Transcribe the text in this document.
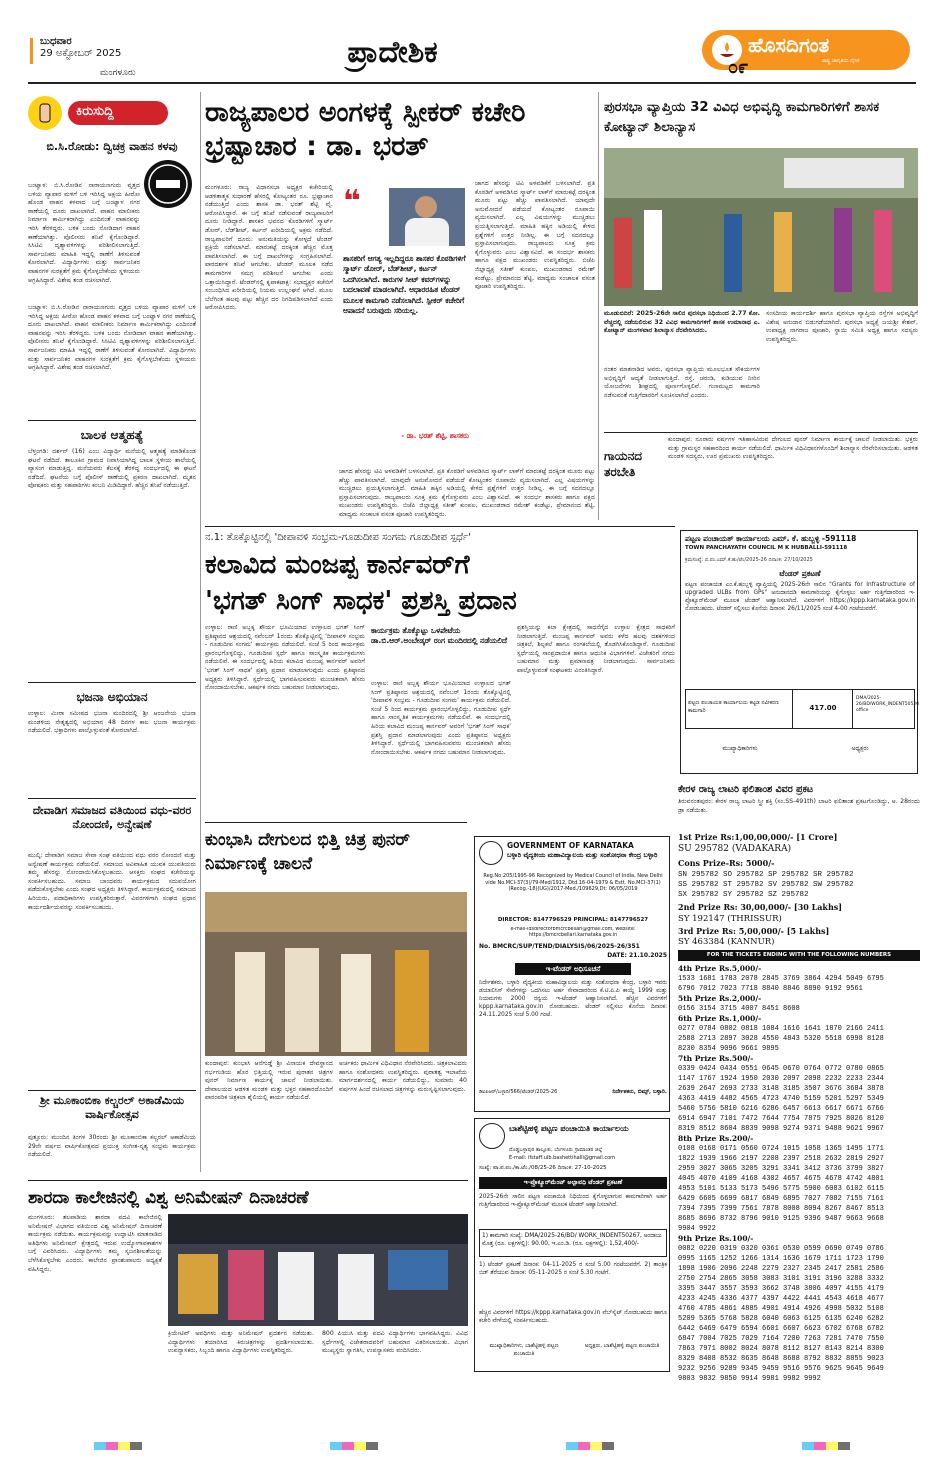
ಬುಧವಾರ
29 ಅಕ್ಟೋಬರ್ 2025
ಮಂಗಳೂರು
ಪ್ರಾದೇಶಿಕ	ಹೊಸದಿಗಂತ
ರಾಷ್ಟ್ರ ಜಾಗೃತಿಯ ದೈನಿಕ
೦೯
ಕಿರುಸುದ್ದಿ
ಬಿ.ಸಿ.ರೋಡು: ದ್ವಿಚಕ್ರ ವಾಹನ ಕಳವು
ಬಂಟ್ವಾಳ: ಬಿ.ಸಿ.ರೋಡಿನ ನಾರಾಯಣಗುರು ವೃತ್ತದ ಬಳಿಯ ವ್ಯಾಪಾರ ಮಳಿಗೆ ಬಳಿ ಇರಿಸಿದ್ದ ಅಕ್ಷಯ ಹೀರೋ ಹೊಂಡ ವಾಹನ ಕಳವಾದ ಬಗ್ಗೆ ಬಂಟ್ವಾಳ ನಗರ ಠಾಣೆಯಲ್ಲಿ ದೂರು ದಾಖಲಾಗಿದೆ. ವಾಹನ ಮಾಲೀಕರು ನಿರ್ಮಾಣ ಕಾರ್ಮಿಕರಾಗಿದ್ದು ಎಂದಿನಂತೆ ವಾಹನವನ್ನು ಇರಿಸಿ ತೆರಳಿದ್ದರು. ಬಳಿಕ ಬಂದು ನೋಡಿದಾಗ ವಾಹನ ಕಾಣೆಯಾಗಿತ್ತು. ಪೊಲೀಸರು ತನಿಖೆ ಕೈಗೊಂಡಿದ್ದಾರೆ. ಸಿಸಿಟಿವಿ ದೃಶ್ಯಾವಳಿಗಳನ್ನು ಪರಿಶೀಲಿಸಲಾಗುತ್ತಿದೆ. ಸಾರ್ವಜನಿಕರು ಮಾಹಿತಿ ಇದ್ದಲ್ಲಿ ಠಾಣೆಗೆ ತಿಳಿಸುವಂತೆ ಕೋರಲಾಗಿದೆ. ವಿದ್ಯಾರ್ಥಿಗಳು ಮತ್ತು ಸಾರ್ವಜನಿಕರ ವಾಹನಗಳ ಸುರಕ್ಷತೆಗೆ ಕ್ರಮ ಕೈಗೊಳ್ಳಬೇಕೆಂದು ಸ್ಥಳೀಯರು ಆಗ್ರಹಿಸಿದ್ದಾರೆ. ವಿಶೇಷ ತಂಡ ರಚಿಸಲಾಗಿದೆ.
ಬಂಟ್ವಾಳ: ಬಿ.ಸಿ.ರೋಡಿನ ನಾರಾಯಣಗುರು ವೃತ್ತದ ಬಳಿಯ ವ್ಯಾಪಾರ ಮಳಿಗೆ ಬಳಿ ಇರಿಸಿದ್ದ ಅಕ್ಷಯ ಹೀರೋ ಹೊಂಡ ವಾಹನ ಕಳವಾದ ಬಗ್ಗೆ ಬಂಟ್ವಾಳ ನಗರ ಠಾಣೆಯಲ್ಲಿ ದೂರು ದಾಖಲಾಗಿದೆ. ವಾಹನ ಮಾಲೀಕರು ನಿರ್ಮಾಣ ಕಾರ್ಮಿಕರಾಗಿದ್ದು ಎಂದಿನಂತೆ ವಾಹನವನ್ನು ಇರಿಸಿ ತೆರಳಿದ್ದರು. ಬಳಿಕ ಬಂದು ನೋಡಿದಾಗ ವಾಹನ ಕಾಣೆಯಾಗಿತ್ತು. ಪೊಲೀಸರು ತನಿಖೆ ಕೈಗೊಂಡಿದ್ದಾರೆ. ಸಿಸಿಟಿವಿ ದೃಶ್ಯಾವಳಿಗಳನ್ನು ಪರಿಶೀಲಿಸಲಾಗುತ್ತಿದೆ. ಸಾರ್ವಜನಿಕರು ಮಾಹಿತಿ ಇದ್ದಲ್ಲಿ ಠಾಣೆಗೆ ತಿಳಿಸುವಂತೆ ಕೋರಲಾಗಿದೆ. ವಿದ್ಯಾರ್ಥಿಗಳು ಮತ್ತು ಸಾರ್ವಜನಿಕರ ವಾಹನಗಳ ಸುರಕ್ಷತೆಗೆ ಕ್ರಮ ಕೈಗೊಳ್ಳಬೇಕೆಂದು ಸ್ಥಳೀಯರು ಆಗ್ರಹಿಸಿದ್ದಾರೆ. ವಿಶೇಷ ತಂಡ ರಚಿಸಲಾಗಿದೆ.
ಬಾಲಕ ಆತ್ಮಹತ್ಯೆ
ಬೆಳ್ತಂಗಡಿ: ದರ್ಶನ್ (16) ಎಂಬ ವಿದ್ಯಾರ್ಥಿ ಮನೆಯಲ್ಲಿ ಆತ್ಮಹತ್ಯೆ ಮಾಡಿಕೊಂಡ ಘಟನೆ ನಡೆದಿದೆ. ತಾಲೂಕಿನ ಗ್ರಾಮದ ನಿವಾಸಿಯಾಗಿದ್ದ ಬಾಲಕ ಸ್ಥಳೀಯ ಶಾಲೆಯಲ್ಲಿ ವ್ಯಾಸಂಗ ಮಾಡುತ್ತಿದ್ದ. ಮನೆಯವರು ಕೆಲಸಕ್ಕೆ ತೆರಳಿದ್ದ ಸಂದರ್ಭದಲ್ಲಿ ಈ ಘಟನೆ ನಡೆದಿದೆ. ಘಟನೆಯ ಬಗ್ಗೆ ಪೊಲೀಸ್ ಠಾಣೆಯಲ್ಲಿ ಪ್ರಕರಣ ದಾಖಲಾಗಿದೆ. ಮೃತನ ಪೋಷಕರು ಮತ್ತು ಸಹಪಾಠಿಗಳು ಕಂಬನಿ ಮಿಡಿದಿದ್ದಾರೆ. ಹೆಚ್ಚಿನ ತನಿಖೆ ನಡೆಯುತ್ತಿದೆ.
ಭಜನಾ ಅಭಿಯಾನ
ಉಳ್ಳಾಲ: ಮೀರಾ ಸಮೀಪದ ಭಜನಾ ಮಂದಿರದಲ್ಲಿ ಶ್ರೀ ಆಂಜನೇಯ ಭಜನಾ ಮಂಡಳಿಯ ನೇತೃತ್ವದಲ್ಲಿ ಅಭಿಯಾನ 48 ದಿನಗಳ ಕಾಲ ಭಜನಾ ಕಾರ್ಯಕ್ರಮ ನಡೆಯಲಿದೆ. ಭಕ್ತಾದಿಗಳು ಪಾಲ್ಗೊಳ್ಳುವಂತೆ ಕೋರಲಾಗಿದೆ.
ದೇವಾಡಿಗ ಸಮಾಜದ ವತಿಯಿಂದ ವಧು-ವರರ ನೋಂದಣಿ, ಅನ್ವೇಷಣೆ
ಮುಲ್ಕಿ: ದೇವಾಡಿಗ ಸಮಾಜ ಸೇವಾ ಸಂಘ ವತಿಯಿಂದ ವಧು ವರರ ನೋಂದಣಿ ಮತ್ತು ಅನ್ವೇಷಣೆ ಕಾರ್ಯಕ್ರಮ ನಡೆಯಲಿದೆ. ಸಮಾಜದ ಅವಿವಾಹಿತ ಯುವಕ ಯುವತಿಯರು ತಮ್ಮ ಹೆಸರನ್ನು ನೋಂದಾಯಿಸಿಕೊಳ್ಳಬಹುದು. ಆಸಕ್ತರು ಸಂಘದ ಕಚೇರಿಯನ್ನು ಸಂಪರ್ಕಿಸಬಹುದು. ಸಮಾಜ ಬಾಂಧವರು ಕಾರ್ಯಕ್ರಮದ ಸದುಪಯೋಗ ಪಡೆದುಕೊಳ್ಳಬೇಕು ಎಂದು ಸಂಘದ ಅಧ್ಯಕ್ಷರು ತಿಳಿಸಿದ್ದಾರೆ. ಕಾರ್ಯಕ್ರಮದಲ್ಲಿ ಸಮಾಜದ ಹಿರಿಯರು, ಪದಾಧಿಕಾರಿಗಳು ಉಪಸ್ಥಿತರಿರುತ್ತಾರೆ. ವಿವರಗಳಿಗಾಗಿ ಸಂಘದ ಪ್ರಧಾನ ಕಾರ್ಯದರ್ಶಿಯವರನ್ನು ಸಂಪರ್ಕಿಸಬಹುದು.
ಶ್ರೀ ಮೂಕಾಂಬಿಕಾ ಕಲ್ಚರಲ್ ಅಕಾಡೆಮಿಯ ವಾರ್ಷಿಕೋತ್ಸವ
ಪುತ್ತೂರು: ಮುಂದಿನ ತಿಂಗಳ 30ರಂದು ಶ್ರೀ ಮೂಕಾಂಬಿಕಾ ಕಲ್ಚರಲ್ ಅಕಾಡೆಮಿಯ 29ನೇ ವರ್ಷದ ವಾರ್ಷಿಕೋತ್ಸವದ ಪ್ರಯುಕ್ತ ಸಂಗೀತ-ನೃತ್ಯ ಸಂಭ್ರಮ ಕಾರ್ಯಕ್ರಮ ನಡೆಯಲಿದೆ.
ರಾಜ್ಯಪಾಲರ ಅಂಗಳಕ್ಕೆ ಸ್ಪೀಕರ್ ಕಚೇರಿ ಭ್ರಷ್ಟಾಚಾರ : ಡಾ. ಭರತ್
ಮಂಗಳೂರು: ರಾಜ್ಯ ವಿಧಾನಸಭಾ ಅಧ್ಯಕ್ಷರ ಕಚೇರಿಯಲ್ಲಿ ಆಡಳಿತಾತ್ಮಕ ಸುಧಾರಣೆ ಹೆಸರಲ್ಲಿ ಕೋಟ್ಯಂತರ ರೂ. ಭ್ರಷ್ಟಾಚಾರ ನಡೆಯುತ್ತಿದೆ ಎಂದು ಶಾಸಕ ಡಾ. ಭರತ್ ಶೆಟ್ಟಿ ವೈ. ಆರೋಪಿಸಿದ್ದಾರೆ. ಈ ಬಗ್ಗೆ ತನಿಖೆ ನಡೆಸುವಂತೆ ರಾಜ್ಯಪಾಲರಿಗೆ ದೂರು ನೀಡಿದ್ದಾರೆ. ಶಾಸಕರ ಭವನದ ಕೊಠಡಿಗಳಿಗೆ ಸ್ಮಾರ್ಟ್ ಡೋರ್, ಬೆಡ್‌ಶೀಟ್, ಕರ್ಟನ್ ಖರೀದಿಯಲ್ಲಿ ಅಕ್ರಮ ನಡೆದಿದೆ. ರಾಜ್ಯಪಾಲರಿಗೆ ದೂರು: ಅನುಮತಿಯನ್ನು ಕೋಳ್ಳದೆ ಟೆಂಡರ್ ಪ್ರಕ್ರಿಯೆ ನಡೆಸಲಾಗಿದೆ. ಮಾರುಕಟ್ಟೆ ದರಕ್ಕಿಂತ ಹೆಚ್ಚಿನ ಮೊತ್ತ ಪಾವತಿಸಲಾಗಿದೆ. ಈ ಬಗ್ಗೆ ದಾಖಲೆಗಳನ್ನು ಸಂಗ್ರಹಿಸಲಾಗಿದೆ. ಪಾರದರ್ಶಕ ತನಿಖೆ ಆಗಬೇಕು. ಟೆಂಡರ್ ಮೂಲಕ ನಡೆದ ಕಾಮಗಾರಿಗಳ ಸಮಗ್ರ ಪರಿಶೀಲನೆ ಆಗಬೇಕು ಎಂದು ಒತ್ತಾಯಿಸಿದ್ದಾರೆ. ಟೆಂಡರ್‌ನಲ್ಲಿ ಕೃಪಾಕಟಾಕ್ಷ: ಸಭಾಧ್ಯಕ್ಷರ ಕಚೇರಿಗೆ ಸಂಬಂಧಿಸಿದ ಖರೀದಿಯಲ್ಲಿ ನಿಯಮ ಉಲ್ಲಂಘನೆ ಆಗಿದೆ. ಮೂಲ ಬೆಲೆಗಿಂತ ಹಲವು ಪಟ್ಟು ಹೆಚ್ಚಿನ ದರ ನಿಗದಿಪಡಿಸಲಾಗಿದೆ ಎಂದು ಆರೋಪಿಸಿದರು.
❝
ಶಾಸಕರಿಗೆ ಆಗತ್ಯ ಇಲ್ಲದಿದ್ದರೂ ಶಾಸಕರ ಕೊಠಡಿಗಳಿಗೆ ಸ್ಮಾರ್ಟ್ ಡೋರ್, ಬೆಡ್‌ಶೀಟ್, ಕರ್ಟನ್ ಒದಗಿಸಲಾಗಿದೆ. ಕಾರುಗಳ ಸೀಟ್ ಕವರ್‌ಗಳನ್ನು ಬದಲಾವಣೆ ಮಾಡಲಾಗಿದೆ. ಆಧಾರರಹಿತ ಟೆಂಡರ್ ಮೂಲಕ ಕಾಮಗಾರಿ ನಡೆಸಲಾಗಿದೆ. ಸ್ಪೀಕರ್ ಕಚೇರಿಗೆ ಆಪಾದನೆ ಬರುವುದು ಸರಿಯಲ್ಲ.
- ಡಾ. ಭರತ್ ಶೆಟ್ಟಿ, ಶಾಸಕರು
ಜಾಗದ ಹೆಸರನ್ನು ಟಿವಿ ಅಳವಡಿಕೆಗೆ ಬಳಸಲಾಗಿದೆ. ಪ್ರತಿ ಕೊಠಡಿಗೆ ಅಳವಡಿಸಿದ ಸ್ಮಾರ್ಟ್ ಲಾಕ್‌ಗೆ ಮಾರುಕಟ್ಟೆ ದರಕ್ಕಿಂತ ಮೂರು ಪಟ್ಟು ಹೆಚ್ಚು ಪಾವತಿಸಲಾಗಿದೆ. ಯಾವುದೇ ಅನುಮೋದನೆ ಪಡೆಯದೆ ಕೋಟ್ಯಂತರ ರೂಪಾಯಿ ವ್ಯಯಿಸಲಾಗಿದೆ. ಎಲ್ಲ ವಿಷಯಗಳನ್ನು ಮುಚ್ಚಿಡಲು ಪ್ರಯತ್ನಿಸಲಾಗುತ್ತಿದೆ. ಮಾಹಿತಿ ಹಕ್ಕಿನ ಅಡಿಯಲ್ಲಿ ಕೇಳಿದ ಪ್ರಶ್ನೆಗಳಿಗೆ ಉತ್ತರ ನೀಡಿಲ್ಲ. ಈ ಬಗ್ಗೆ ಸದನದಲ್ಲೂ ಪ್ರಸ್ತಾಪಿಸಲಾಗುವುದು. ರಾಜ್ಯಪಾಲರು ಸೂಕ್ತ ಕ್ರಮ ಕೈಗೊಳ್ಳುವರು ಎಂಬ ವಿಶ್ವಾಸವಿದೆ. ಈ ಸಂದರ್ಭ ಶಾಸಕರು ಹಾಗೂ ಪಕ್ಷದ ಮುಖಂಡರು ಉಪಸ್ಥಿತರಿದ್ದರು. ಬಿಜೆಪಿ ಜಿಲ್ಲಾಧ್ಯಕ್ಷ ಸತೀಶ್ ಕುಂಪಲ, ಮುಖಂಡರಾದ ರಮೇಶ್ ಕಂಡೆಟ್ಟು, ಪ್ರೇಮಾನಂದ ಶೆಟ್ಟಿ, ಮಾಧ್ಯಮ ಸಂಚಾಲಕ ವಸಂತ ಪೂಜಾರಿ ಉಪಸ್ಥಿತರಿದ್ದರು.
ಜಾಗದ ಹೆಸರನ್ನು ಟಿವಿ ಅಳವಡಿಕೆಗೆ ಬಳಸಲಾಗಿದೆ. ಪ್ರತಿ ಕೊಠಡಿಗೆ ಅಳವಡಿಸಿದ ಸ್ಮಾರ್ಟ್ ಲಾಕ್‌ಗೆ ಮಾರುಕಟ್ಟೆ ದರಕ್ಕಿಂತ ಮೂರು ಪಟ್ಟು ಹೆಚ್ಚು ಪಾವತಿಸಲಾಗಿದೆ. ಯಾವುದೇ ಅನುಮೋದನೆ ಪಡೆಯದೆ ಕೋಟ್ಯಂತರ ರೂಪಾಯಿ ವ್ಯಯಿಸಲಾಗಿದೆ. ಎಲ್ಲ ವಿಷಯಗಳನ್ನು ಮುಚ್ಚಿಡಲು ಪ್ರಯತ್ನಿಸಲಾಗುತ್ತಿದೆ. ಮಾಹಿತಿ ಹಕ್ಕಿನ ಅಡಿಯಲ್ಲಿ ಕೇಳಿದ ಪ್ರಶ್ನೆಗಳಿಗೆ ಉತ್ತರ ನೀಡಿಲ್ಲ. ಈ ಬಗ್ಗೆ ಸದನದಲ್ಲೂ ಪ್ರಸ್ತಾಪಿಸಲಾಗುವುದು. ರಾಜ್ಯಪಾಲರು ಸೂಕ್ತ ಕ್ರಮ ಕೈಗೊಳ್ಳುವರು ಎಂಬ ವಿಶ್ವಾಸವಿದೆ. ಈ ಸಂದರ್ಭ ಶಾಸಕರು ಹಾಗೂ ಪಕ್ಷದ ಮುಖಂಡರು ಉಪಸ್ಥಿತರಿದ್ದರು. ಬಿಜೆಪಿ ಜಿಲ್ಲಾಧ್ಯಕ್ಷ ಸತೀಶ್ ಕುಂಪಲ, ಮುಖಂಡರಾದ ರಮೇಶ್ ಕಂಡೆಟ್ಟು, ಪ್ರೇಮಾನಂದ ಶೆಟ್ಟಿ, ಮಾಧ್ಯಮ ಸಂಚಾಲಕ ವಸಂತ ಪೂಜಾರಿ ಉಪಸ್ಥಿತರಿದ್ದರು.
ಪುರಸಭಾ ವ್ಯಾಪ್ತಿಯ 32 ವಿವಿಧ ಅಭಿವೃದ್ಧಿ ಕಾಮಗಾರಿಗಳಿಗೆ ಶಾಸಕ ಕೋಟ್ಯಾನ್ ಶಿಲಾನ್ಯಾಸ
ಮೂಡುಬಿದಿರೆ: 2025-26ನೇ ಸಾಲಿನ ಪುರಸಭಾ ನಿಧಿಯಿಂದ 2.77 ಕೋ. ವೆಚ್ಚದಲ್ಲಿ ನಡೆಯಲಿರುವ 32 ವಿವಿಧ ಕಾಮಗಾರಿಗಳಿಗೆ ಶಾಸಕ ಉಮಾನಾಥ ಎ. ಕೋಟ್ಯಾನ್ ಮಂಗಳವಾರ ಶಿಲಾನ್ಯಾಸ ನೆರವೇರಿಸಿದರು.
ನಂತರ ಮಾತನಾಡಿದ ಅವರು, ಪುರಸಭಾ ವ್ಯಾಪ್ತಿಯ ಮೂಲಭೂತ ಸೌಕರ್ಯಗಳ ಅಭಿವೃದ್ಧಿಗೆ ಆದ್ಯತೆ ನೀಡಲಾಗುತ್ತಿದೆ. ರಸ್ತೆ, ಚರಂಡಿ, ಕುಡಿಯುವ ನೀರಿನ ಯೋಜನೆಗಳು ಶೀಘ್ರದಲ್ಲಿ ಪೂರ್ಣಗೊಳ್ಳಲಿವೆ. ಗುಣಮಟ್ಟದ ಕಾಮಗಾರಿ ನಡೆಸುವಂತೆ ಗುತ್ತಿಗೆದಾರರಿಗೆ ಸೂಚಿಸಲಾಗಿದೆ ಎಂದರು.
ಸಂಸದೀಯ ಕಾರ್ಯದರ್ಶಿ ಹಾಗೂ ಪುರಸಭಾ ವ್ಯಾಪ್ತಿಯ ರಸ್ತೆಗಳ ಅಭಿವೃದ್ಧಿಗೆ ವಿಶೇಷ ಅನುದಾನ ಬಿಡುಗಡೆಯಾಗಿದೆ. ಪುರಸಭಾ ಅಧ್ಯಕ್ಷೆ ಜಯಶ್ರೀ ಕೇಶವ್, ಉಪಾಧ್ಯಕ್ಷ ನಾಗರಾಜ ಪೂಜಾರಿ, ಸ್ಥಾಯಿ ಸಮಿತಿ ಅಧ್ಯಕ್ಷ ಹಾಗೂ ಸದಸ್ಯರು ಉಪಸ್ಥಿತರಿದ್ದರು.
ಗಾಯನದ ತರಬೇತಿ
ಕುಂದಾಪುರ: ನೂರಾರು ವರ್ಷಗಳ ಇತಿಹಾಸವಿರುವ ದೇಗುಲದ ಪುನರ್ ನಿರ್ಮಾಣ ಕಾರ್ಯಕ್ಕೆ ಚಾಲನೆ ನೀಡಲಾಯಿತು. ಭಕ್ತರು ಮತ್ತು ಗ್ರಾಮಸ್ಥರ ಸಹಕಾರದಿಂದ ಕಾರ್ಯ ನಡೆಯಲಿದೆ. ಧಾರ್ಮಿಕ ವಿಧಿವಿಧಾನಗಳೊಂದಿಗೆ ಶಿಲಾನ್ಯಾಸ ನೆರವೇರಿಸಲಾಯಿತು. ಆಡಳಿತ ಮಂಡಳಿ ಸದಸ್ಯರು, ಊರ ಪ್ರಮುಖರು ಉಪಸ್ಥಿತರಿದ್ದರು.
ನ.1: ತೊಕ್ಕೊಟ್ಟಿನಲ್ಲಿ 'ದೀಪಾವಳಿ ಸಂಭ್ರಮ-ಗೂಡುದೀಪ ಸಂಗಮ ಗೂಡುದೀಪ ಸ್ಪರ್ಧೆ'
ಕಲಾವಿದ ಮಂಜಪ್ಪ ಕಾರ್ನವರ್‌ಗೆ
'ಭಗತ್ ಸಿಂಗ್ ಸಾಧಕ' ಪ್ರಶಸ್ತಿ ಪ್ರದಾನ
ಉಳ್ಳಾಲ: ರಾಣಿ ಅಬ್ಬಕ್ಕ ಶೌರ್ಯ ಭೂಮಿಯಾದ ಉಳ್ಳಾಲದ ಭಗತ್ ಸಿಂಗ್ ಪ್ರತಿಷ್ಠಾನದ ಆಶ್ರಯದಲ್ಲಿ ನವೆಂಬರ್ 1ರಂದು ತೊಕ್ಕೊಟ್ಟಿನಲ್ಲಿ 'ದೀಪಾವಳಿ ಸಂಭ್ರಮ - ಗೂಡುದೀಪ ಸಂಗಮ' ಕಾರ್ಯಕ್ರಮ ನಡೆಯಲಿದೆ. ಸಂಜೆ 5 ರಿಂದ ಕಾರ್ಯಕ್ರಮ ಪ್ರಾರಂಭಗೊಳ್ಳಲಿದ್ದು, ಗೂಡುದೀಪ ಸ್ಪರ್ಧೆ ಹಾಗೂ ಸಾಂಸ್ಕೃತಿಕ ಕಾರ್ಯಕ್ರಮಗಳು ನಡೆಯಲಿವೆ. ಈ ಸಂದರ್ಭದಲ್ಲಿ ಹಿರಿಯ ಕಲಾವಿದ ಮಂಜಪ್ಪ ಕಾರ್ನವರ್ ಅವರಿಗೆ 'ಭಗತ್ ಸಿಂಗ್ ಸಾಧಕ' ಪ್ರಶಸ್ತಿ ಪ್ರದಾನ ಮಾಡಲಾಗುವುದು ಎಂದು ಪ್ರತಿಷ್ಠಾನದ ಅಧ್ಯಕ್ಷರು ತಿಳಿಸಿದ್ದಾರೆ. ಸ್ಪರ್ಧೆಯಲ್ಲಿ ಭಾಗವಹಿಸುವವರು ಮುಂಚಿತವಾಗಿ ಹೆಸರು ನೋಂದಾಯಿಸಬೇಕು. ಆಕರ್ಷಕ ನಗದು ಬಹುಮಾನ ನೀಡಲಾಗುವುದು.
ಕಾರ್ಯಕ್ರಮ ತೊಕ್ಕೊಟ್ಟು ಒಳಪೇಟೆಯ ಡಾ.ಬಿ.ಆರ್.ಅಂಬೇಡ್ಕರ್ ರಂಗ ಮಂದಿರದಲ್ಲಿ ನಡೆಯಲಿದೆ
ಉಳ್ಳಾಲ: ರಾಣಿ ಅಬ್ಬಕ್ಕ ಶೌರ್ಯ ಭೂಮಿಯಾದ ಉಳ್ಳಾಲದ ಭಗತ್ ಸಿಂಗ್ ಪ್ರತಿಷ್ಠಾನದ ಆಶ್ರಯದಲ್ಲಿ ನವೆಂಬರ್ 1ರಂದು ತೊಕ್ಕೊಟ್ಟಿನಲ್ಲಿ 'ದೀಪಾವಳಿ ಸಂಭ್ರಮ - ಗೂಡುದೀಪ ಸಂಗಮ' ಕಾರ್ಯಕ್ರಮ ನಡೆಯಲಿದೆ. ಸಂಜೆ 5 ರಿಂದ ಕಾರ್ಯಕ್ರಮ ಪ್ರಾರಂಭಗೊಳ್ಳಲಿದ್ದು, ಗೂಡುದೀಪ ಸ್ಪರ್ಧೆ ಹಾಗೂ ಸಾಂಸ್ಕೃತಿಕ ಕಾರ್ಯಕ್ರಮಗಳು ನಡೆಯಲಿವೆ. ಈ ಸಂದರ್ಭದಲ್ಲಿ ಹಿರಿಯ ಕಲಾವಿದ ಮಂಜಪ್ಪ ಕಾರ್ನವರ್ ಅವರಿಗೆ 'ಭಗತ್ ಸಿಂಗ್ ಸಾಧಕ' ಪ್ರಶಸ್ತಿ ಪ್ರದಾನ ಮಾಡಲಾಗುವುದು ಎಂದು ಪ್ರತಿಷ್ಠಾನದ ಅಧ್ಯಕ್ಷರು ತಿಳಿಸಿದ್ದಾರೆ. ಸ್ಪರ್ಧೆಯಲ್ಲಿ ಭಾಗವಹಿಸುವವರು ಮುಂಚಿತವಾಗಿ ಹೆಸರು ನೋಂದಾಯಿಸಬೇಕು. ಆಕರ್ಷಕ ನಗದು ಬಹುಮಾನ ನೀಡಲಾಗುವುದು.
ಪ್ರಶಸ್ತಿಯನ್ನು ಕಲಾ ಕ್ಷೇತ್ರದಲ್ಲಿ ಸಾಧನೆಗೈದ ಉಳ್ಳಾಲ ಕ್ಷೇತ್ರದ ಸಾಧಕರಿಗೆ ನೀಡಲಾಗುತ್ತಿದೆ. ಮಂಜಪ್ಪ ಕಾರ್ನವರ್ ಅವರು ಕಳೆದ ಹಲವು ದಶಕಗಳಿಂದ ಚಿತ್ರಕಲೆ, ಶಿಲ್ಪಕಲೆ ಹಾಗೂ ರಂಗಕಲೆಯಲ್ಲಿ ತೊಡಗಿಸಿಕೊಂಡಿದ್ದಾರೆ. ಗೂಡುದೀಪ ಸ್ಪರ್ಧೆಯಲ್ಲಿ ಸಾಂಪ್ರದಾಯಿಕ ಹಾಗೂ ಆಧುನಿಕ ವಿಭಾಗಗಳಿವೆ. ವಿಜೇತರಿಗೆ ನಗದು ಬಹುಮಾನ ಮತ್ತು ಪ್ರಮಾಣಪತ್ರ ನೀಡಲಾಗುವುದು. ಸಾರ್ವಜನಿಕರು ಪಾಲ್ಗೊಳ್ಳುವಂತೆ ಸಂಘಟಕರು ವಿನಂತಿಸಿದ್ದಾರೆ.
ಪಟ್ಟಣ ಪಂಚಾಯತ್ ಕಾರ್ಯಾಲಯ ಎಮ್. ಕೆ. ಹುಬ್ಬಳ್ಳಿ -591118
TOWN PANCHAYATH COUNCIL M K HUBBALLI-591118
ಕ್ರಮಸಂಖ್ಯೆ: ಪ.ಪಂ.ಎಮ್.ಕೆ.ಹು/ಟೆಂ/2025-26 ದಿನಾಂಕ: 27/10/2025
ಟೆಂಡರ್ ಪ್ರಕಟಣೆ
ಪಟ್ಟಣ ಪಂಚಾಯತ ಎಂ.ಕೆ.ಹುಬ್ಬಳ್ಳಿ ವ್ಯಾಪ್ತಿಯಲ್ಲಿ 2025-26ನೇ ಸಾಲಿನ "Grants for Infrastructure of upgraded ULBs from GPs" ಅನುದಾನದಡಿ ಕಾಮಗಾರಿಯನ್ನು ಕೈಗೊಳ್ಳಲು ಅರ್ಹ ಗುತ್ತಿಗೆದಾರರಿಂದ ಇ-ಪ್ರೊಕ್ಯೂರ್‌ಮೆಂಟ್ ಮೂಲಕ ಟೆಂಡರ್ ಆಹ್ವಾನಿಸಲಾಗಿದೆ. ವಿವರಗಳಿಗೆ https://kppp.karnataka.gov.in ನೋಡಬಹುದು. ಟೆಂಡರ್ ಸಲ್ಲಿಸಲು ಕೊನೆಯ ದಿನಾಂಕ: 26/11/2025 ಸಂಜೆ 4-00 ಗಂಟೆಯವರೆಗೆ.
ಪಟ್ಟಣ ಪಂಚಾಯತ ಕಾರ್ಯಾಲಯ ಕಟ್ಟಡ ನವೀಕರಣ ಕಾಮಗಾರಿ	417.00
DMA/2025-26/BD/WORK_INDENT50520 office
ಮುಖ್ಯಾಧಿಕಾರಿಗಳು	ಅಧ್ಯಕ್ಷರು
ಕುಂಭಾಸಿ ದೇಗುಲದ ಭಿತ್ತಿ ಚಿತ್ರ ಪುನರ್ ನಿರ್ಮಾಣಕ್ಕೆ ಚಾಲನೆ
ಕುಂದಾಪುರ: ಕುಂಭಾಸಿ ಆನೆಗುಡ್ಡೆ ಶ್ರೀ ವಿನಾಯಕ ದೇವಸ್ಥಾನದ ಗರ್ಭಗುಡಿಯ ಹೊರ ಭಿತ್ತಿಯಲ್ಲಿ ಇರುವ ಪುರಾತನ ಚಿತ್ರಗಳ ಪುನರ್ ನಿರ್ಮಾಣ ಕಾರ್ಯಕ್ಕೆ ಚಾಲನೆ ನೀಡಲಾಯಿತು. ದೇವಾಲಯದ ಆಡಳಿತ ಮಂಡಳಿ ಮತ್ತು ಭಕ್ತರ ಸಹಕಾರದೊಂದಿಗೆ ಪಾರಂಪರಿಕ ಚಿತ್ರಕಲಾ ಶೈಲಿಯಲ್ಲಿ ಕಾರ್ಯ ನಡೆಯಲಿದೆ.
ಅರ್ಚಕರು ಧಾರ್ಮಿಕ ವಿಧಿವಿಧಾನ ನೆರವೇರಿಸಿದರು. ಚಿತ್ರಕಲಾವಿದರು ಹಾಗೂ ಸಂಶೋಧಕರು ಉಪಸ್ಥಿತರಿದ್ದರು. ಪುರಾತತ್ವ ಇಲಾಖೆಯ ಮಾರ್ಗದರ್ಶನದಲ್ಲಿ ಕಾರ್ಯ ನಡೆಯಲಿದ್ದು, ಸುಮಾರು 40 ವರ್ಷಗಳ ಹಿಂದೆ ರಚಿಸಲಾದ ಚಿತ್ರಗಳನ್ನು ಮರುಸೃಷ್ಟಿಸಲಾಗುವುದು.
GOVERNMENT OF KARNATAKA
ಬಳ್ಳಾರಿ ವೈದ್ಯಕೀಯ ಮಹಾವಿದ್ಯಾಲಯ ಮತ್ತು ಸಂಶೋಧನಾ ಕೇಂದ್ರ ಬಳ್ಳಾರಿ
Reg.No:205/1995-96 Recognized by Medical Council of India, New Delhi vide No.MCI-37(3)/79-Med/1912, Dtd.16-04-1979 & Estt. No.MCI-37(1)(Recog.-18)(UG)/2017-Med./109629,Dt: 06/05/2019
DIRECTOR: 8147796529 PRINCIPAL: 8147796527
e-mail-idsdirectorbmcrcbellari@gmail.com, website: https://bmcrcbellari.karnataka.gov.in
No. BMCRC/SUP/TEND/DIALYSIS/06/2025-26/351
DATE: 21.10.2025
ಇ-ಟೆಂಡರ್ ಅಧಿಸೂಚನೆ
ನಿರ್ದೇಶಕರು, ಬಳ್ಳಾರಿ ವೈದ್ಯಕೀಯ ಮಹಾವಿದ್ಯಾಲಯ ಮತ್ತು ಸಂಶೋಧನಾ ಕೇಂದ್ರ, ಬಳ್ಳಾರಿ ಇವರು ಡಯಾಲಿಸಿಸ್ ಸೇವೆಗಳನ್ನು ಒದಗಿಸಲು ಅರ್ಹ ಸೇವಾದಾರರಿಂದ ಕೆ.ಟಿ.ಪಿ.ಪಿ ಕಾಯ್ದೆ 1999 ಮತ್ತು ನಿಯಮಗಳು 2000 ರನ್ವಯ ಇ-ಟೆಂಡರ್ ಆಹ್ವಾನಿಸಲಾಗಿದೆ. ಹೆಚ್ಚಿನ ವಿವರಗಳಿಗೆ kppp.karnataka.gov.in ನೋಡಬಹುದು. ಟೆಂಡರ್ ಸಲ್ಲಿಸಲು ಕೊನೆಯ ದಿನಾಂಕ: 24.11.2025 ಸಂಜೆ 5.00 ಗಂಟೆ.
ಡಿಐಪಿಆರ್/ಬಳ್ಳಾರಿ/566/ಟೆಂಡರ್/2025-26	ನಿರ್ದೇಶಕರು, ಬಿಮ್ಸ್, ಬಳ್ಳಾರಿ.
ಬಾಶೆಟ್ಟಿಹಳ್ಳಿ ಪಟ್ಟಣ ಪಂಚಾಯಿತಿ ಕಾರ್ಯಾಲಯ
ದೊಡ್ಡಬಳ್ಳಾಪುರ ತಾಲ್ಲೂಕು, ಬೆಂಗಳೂರು ಗ್ರಾಮಾಂತರ ಜಿಲ್ಲೆ
E-mail: ifstaff.ulb.bashettihalli@gmail.com
ಸಂಖ್ಯೆ: ಪಾ.ಪ.ಪಂ./ಕಾ.ಟೆಂ./08/25-26 ದಿನಾಂಕ: 27-10-2025
ಇ-ಪ್ರೊಕ್ಯೂರ್‌ಮೆಂಟ್ ಅಲ್ಪಾವಧಿ ಟೆಂಡರ್ ಪ್ರಕಟಣೆ
2025-26ನೇ ಸಾಲಿನ ಪಟ್ಟಣ ಪಂಚಾಯಿತಿ ನಿಧಿಯಿಂದ ಕೈಗೊಳ್ಳಲಾಗುವ ಕಾಮಗಾರಿಗಾಗಿ ಅರ್ಹ ಗುತ್ತಿಗೆದಾರರಿಂದ ಇ-ಪ್ರೊಕ್ಯೂರ್‌ಮೆಂಟ್ ಮೂಲಕ ಟೆಂಡರ್ ಆಹ್ವಾನಿಸಲಾಗಿದೆ.
1) ಕಾಮಗಾರಿ ಸಂಖ್ಯೆ: DMA/2025-26/BD/ WORK_INDENT50267, ಅಂದಾಜು ಮೊತ್ತ (ರೂ. ಲಕ್ಷಗಳಲ್ಲಿ): 90.00, ಇ.ಎಂ.ಡಿ. (ರೂ. ಲಕ್ಷಗಳಲ್ಲಿ): 1,52,400/-
1) ಟೆಂಡರ್ ಪ್ರಕಟಣೆ ದಿನಾಂಕ: 04-11-2025 ರ ಸಂಜೆ 5.00 ಗಂಟೆಯವರೆಗೆ. 2) ತಾಂತ್ರಿಕ ಬಿಡ್ ತೆರೆಯುವ ದಿನಾಂಕ: 05-11-2025 ರ ಸಂಜೆ 5.30 ಗಂಟೆಗೆ.
ಹೆಚ್ಚಿನ ವಿವರಗಳಿಗೆ https://kppp.karnataka.gov.in ವೆಬ್‌ಸೈಟ್ ನೋಡಬಹುದು ಹಾಗೂ ಕಚೇರಿ ವೇಳೆಯಲ್ಲಿ ಸಂಪರ್ಕಿಸಬಹುದು.
ಮುಖ್ಯಾಧಿಕಾರಿಗಳು, ಬಾಶೆಟ್ಟಿಹಳ್ಳಿ ಪಟ್ಟಣ ಪಂಚಾಯಿತಿ
ಅಧ್ಯಕ್ಷರು, ಬಾಶೆಟ್ಟಿಹಳ್ಳಿ ಪಟ್ಟಣ ಪಂಚಾಯಿತಿ
ಕೇರಳ ರಾಜ್ಯ ಲಾಟರಿ ಫಲಿತಾಂಶ ವಿವರ ಪ್ರಕಟ
ತಿರುವನಂತಪುರಂ: ಕೇರಳ ರಾಜ್ಯ ಲಾಟರಿ ಸ್ತ್ರೀ ಶಕ್ತಿ (ಸಂ.SS-491th) ಲಾಟರಿ ಫಲಿತಾಂಶ ಪ್ರಕಟಗೊಂಡಿದ್ದು, ಅ. 28ರಂದು ಡ್ರಾ ನಡೆಯಿತು.
1st Prize Rs:1,00,00,000/- [1 Crore]
SU 295782 (VADAKARA)
Cons Prize-Rs: 5000/-
SN 295782 SO 295782 SP 295782 SR 295782
SS 295782 ST 295782 SV 295782 SW 295782
SX 295782 SY 295782 SZ 295782
2nd Prize Rs: 30,00,000/- [30 Lakhs]
SY 192147 (THRISSUR)
3rd Prize Rs: 5,00,000/- [5 Lakhs]
SY 463384 (KANNUR)
FOR THE TICKETS ENDING WITH THE FOLLOWING NUMBERS
4th Prize Rs.5,000/-
1533 1681 1783 2078 2845 3769 3864 4294 5049 6795
6796 7012 7023 7718 8840 8846 8890 9192 9561
5th Prize Rs.2,000/-
0156 3154 3715 4007 8451 8608
6th Prize Rs.1,000/-
0277 0784 0802 0818 1084 1616 1641 1870 2166 2411
2588 2713 2897 3028 4550 4843 5320 5518 6998 8128
8230 8354 9096 9661 9895
7th Prize Rs.500/-
0339 0424 0434 0551 0645 0670 0764 0772 0780 0865
1147 1767 1924 1950 2030 2097 2098 2232 2233 2344
2639 2647 2693 2733 3148 3185 3507 3676 3684 3878
4363 4419 4482 4565 4723 4740 5159 5201 5297 5349
5460 5756 5810 6216 6286 6457 6613 6617 6671 6766
6914 6947 7101 7472 7644 7754 7875 7925 8026 8120
8319 8512 8604 8839 9098 9274 9371 9488 9621 9967
8th Prize Rs.200/-
0108 0168 0171 0560 0724 1015 1058 1365 1495 1771
1822 1939 1966 2197 2208 2397 2518 2632 2819 2927
2959 3027 3065 3205 3291 3341 3412 3736 3799 3827
4045 4070 4109 4168 4302 4657 4675 4678 4742 4801
4953 5101 5133 5173 5496 5775 5900 6083 6102 6115
6429 6605 6699 6817 6849 6895 7027 7082 7155 7161
7394 7395 7399 7561 7878 8008 8094 8267 8467 8513
8685 8696 8732 8796 9010 9125 9396 9487 9663 9668
9904 9922
9th Prize Rs.100/-
0082 0220 0319 0320 0361 0530 0599 0690 0749 0786
0995 1165 1252 1266 1314 1636 1679 1711 1723 1790
1898 1906 2096 2248 2279 2327 2345 2417 2581 2586
2750 2754 2865 3058 3083 3101 3191 3196 3288 3332
3395 3447 3557 3593 3662 3748 3806 4097 4155 4179
4233 4245 4336 4377 4397 4422 4441 4543 4618 4677
4760 4785 4861 4885 4901 4914 4926 4998 5032 5108
5209 5365 5768 5828 6040 6063 6125 6135 6240 6282
6442 6469 6479 6594 6601 6607 6623 6702 6768 6782
6847 7004 7025 7029 7164 7200 7263 7281 7470 7550
7863 7971 8002 8024 8078 8112 8127 8143 8214 8300
8329 8408 8532 8635 8648 8688 8792 8832 8855 9023
9232 9256 9289 9345 9459 9516 9576 9625 9645 9649
9803 9832 9850 9914 9981 9982 9992
ಶಾರದಾ ಕಾಲೇಜಿನಲ್ಲಿ ವಿಶ್ವ ಅನಿಮೇಷನ್ ದಿನಾಚರಣೆ
ಮಂಗಳೂರು: ತಲಪಾಡಿಯ ಶಾರದಾ ಪದವಿ ಕಾಲೇಜಿನಲ್ಲಿ ಅನಿಮೇಷನ್ ವಿಭಾಗದ ವತಿಯಿಂದ ವಿಶ್ವ ಅನಿಮೇಷನ್ ದಿನಾಚರಣೆ ಕಾರ್ಯಕ್ರಮ ನಡೆಯಿತು. ಕಾರ್ಯಕ್ರಮವನ್ನು ಉದ್ಘಾಟಿಸಿ ಮಾತನಾಡಿದ ಅತಿಥಿಗಳು ಅನಿಮೇಷನ್ ಕ್ಷೇತ್ರದಲ್ಲಿ ಇರುವ ಉದ್ಯೋಗಾವಕಾಶಗಳ ಬಗ್ಗೆ ವಿವರಿಸಿದರು. ವಿದ್ಯಾರ್ಥಿಗಳು ತಮ್ಮ ಸೃಜನಶೀಲತೆಯನ್ನು ಬೆಳೆಸಿಕೊಳ್ಳಬೇಕು ಎಂದರು. ಕಾಲೇಜಿನ ಪ್ರಾಂಶುಪಾಲರು ಅಧ್ಯಕ್ಷತೆ ವಹಿಸಿದ್ದರು.
ಕ್ರಿಯೇಟಿವ್ ಅವಧಿಗಳು ಮತ್ತು ಅನಿಮೇಷನ್ ಪ್ರದರ್ಶನ ನಡೆಯಿತು. ವಿದ್ಯಾರ್ಥಿಗಳು ತಯಾರಿಸಿದ ಕಿರುಚಿತ್ರಗಳನ್ನು ಪ್ರದರ್ಶಿಸಲಾಯಿತು. ಉಪನ್ಯಾಸಕರು, ಸಿಬ್ಬಂದಿ ಹಾಗೂ ವಿದ್ಯಾರ್ಥಿಗಳು ಉಪಸ್ಥಿತರಿದ್ದರು.
800 ಪಿಯುಸಿ ಮತ್ತು ಪದವಿ ವಿದ್ಯಾರ್ಥಿಗಳು ಭಾಗವಹಿಸಿದ್ದರು. ವಿವಿಧ ಸ್ಪರ್ಧೆಗಳಲ್ಲಿ ವಿಜೇತರಾದವರಿಗೆ ಬಹುಮಾನ ವಿತರಿಸಲಾಯಿತು. ವಿಭಾಗ ಮುಖ್ಯಸ್ಥರು ಸ್ವಾಗತಿಸಿ, ಉಪನ್ಯಾಸಕರು ವಂದಿಸಿದರು.
